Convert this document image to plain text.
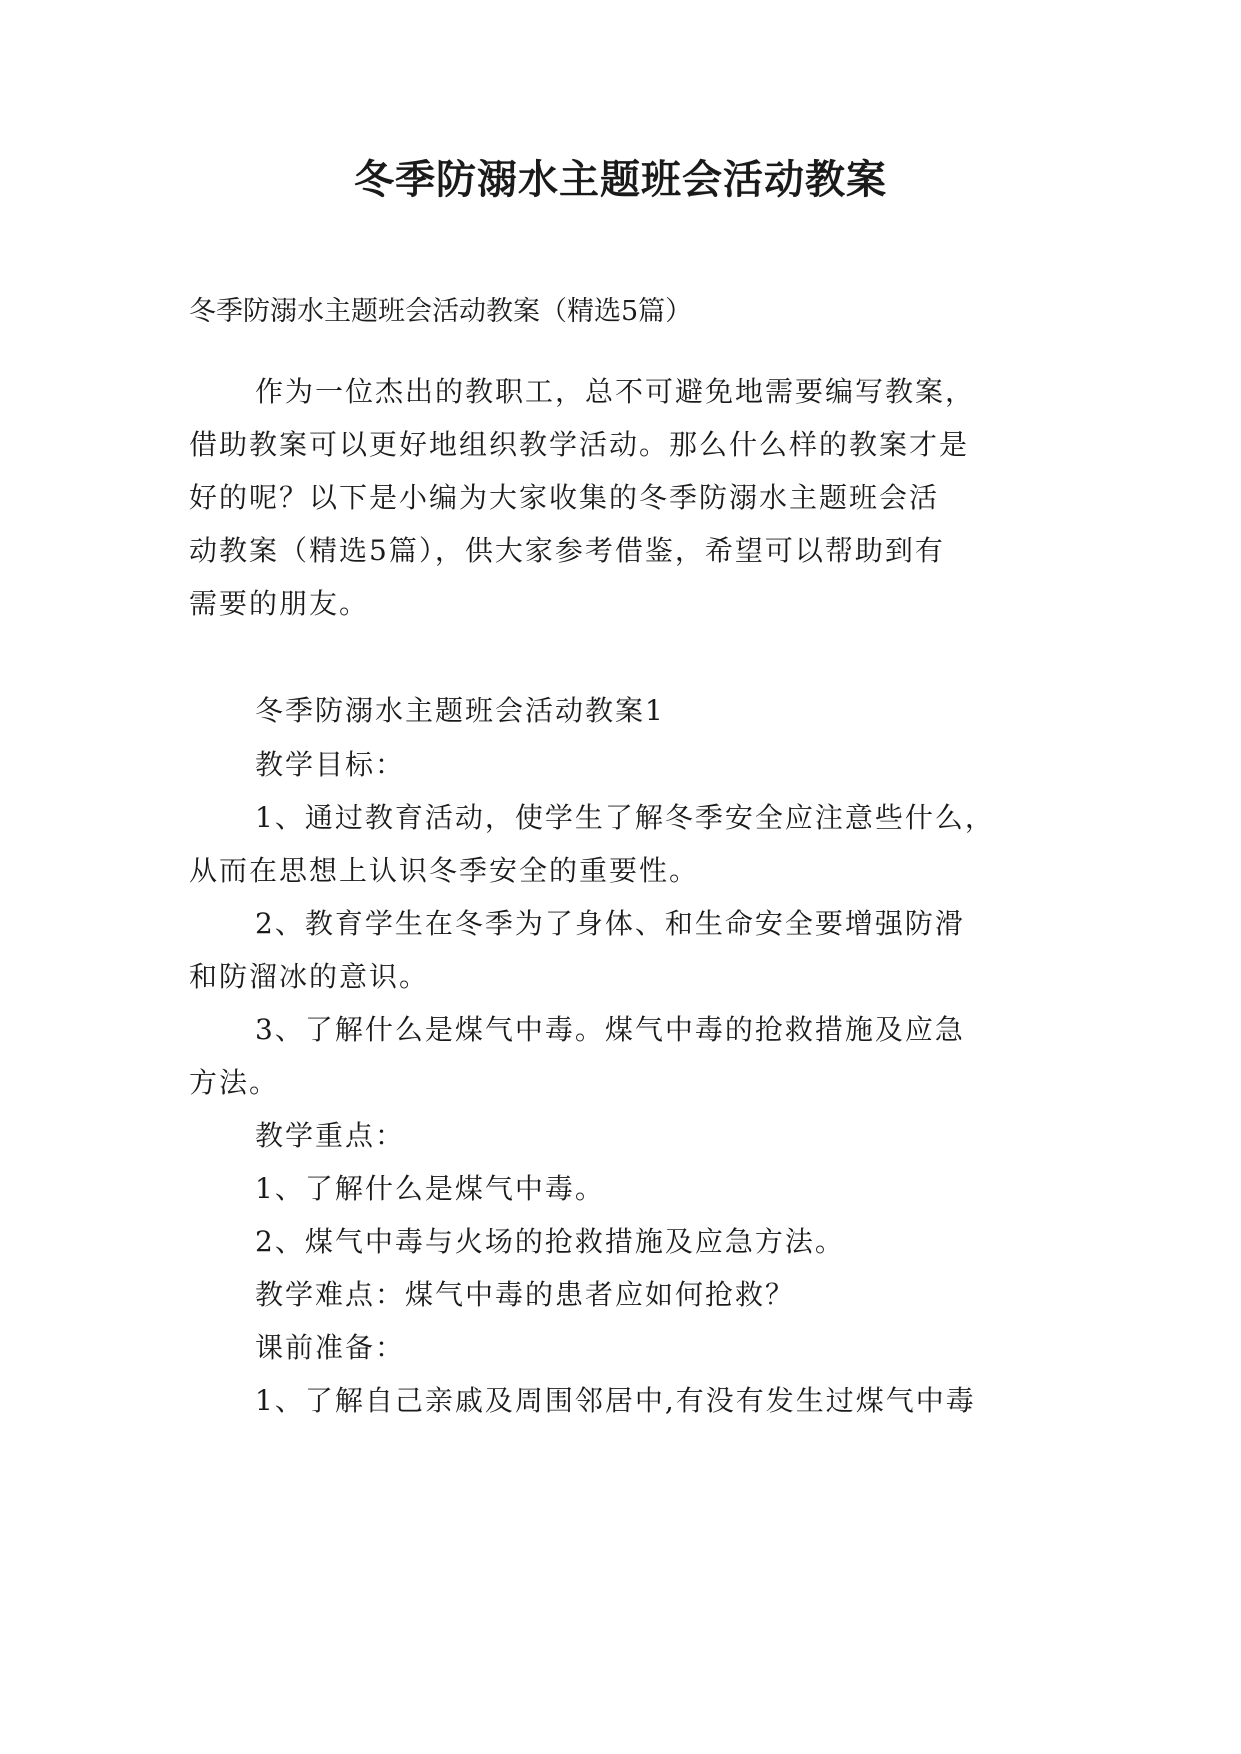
冬季防溺水主题班会活动教案
冬季防溺水主题班会活动教案（精选5篇）
作为一位杰出的教职工，总不可避免地需要编写教案，
借助教案可以更好地组织教学活动。那么什么样的教案才是
好的呢？以下是小编为大家收集的冬季防溺水主题班会活
动教案（精选5篇），供大家参考借鉴，希望可以帮助到有
需要的朋友。
冬季防溺水主题班会活动教案1
教学目标：
1、通过教育活动，使学生了解冬季安全应注意些什么，
从而在思想上认识冬季安全的重要性。
2、教育学生在冬季为了身体、和生命安全要增强防滑
和防溜冰的意识。
3、了解什么是煤气中毒。煤气中毒的抢救措施及应急
方法。
教学重点：
1、了解什么是煤气中毒。
2、煤气中毒与火场的抢救措施及应急方法。
教学难点：煤气中毒的患者应如何抢救？
课前准备：
1、了解自己亲戚及周围邻居中,有没有发生过煤气中毒
